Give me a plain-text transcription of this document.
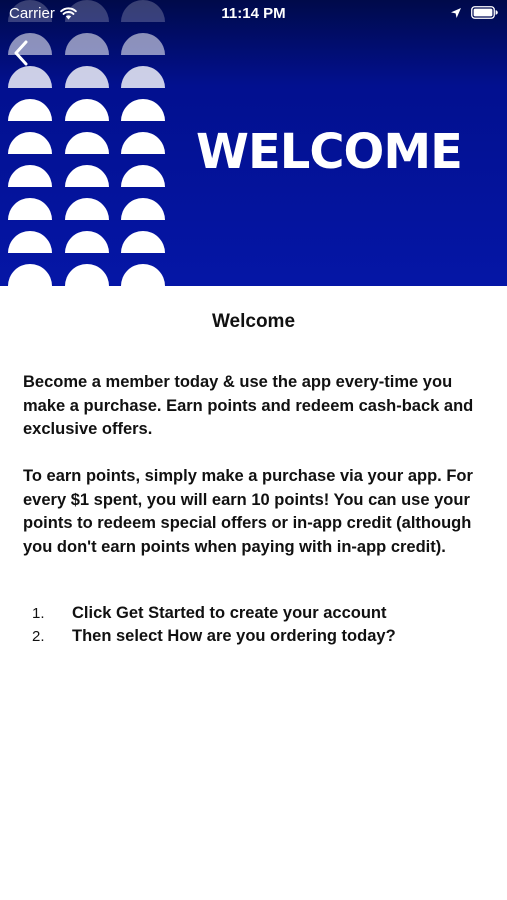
WELCOME
Carrier	11:14 PM
Welcome
Become a member today & use the app every-time you make a purchase. Earn points and redeem cash-back and exclusive offers.
To earn points, simply make a purchase via your app. For every $1 spent, you will earn 10 points! You can use your points to redeem special offers or in-app credit (although you don't earn points when paying with in-app credit).
1.	Click Get Started to create your account
2.	Then select How are you ordering today?
